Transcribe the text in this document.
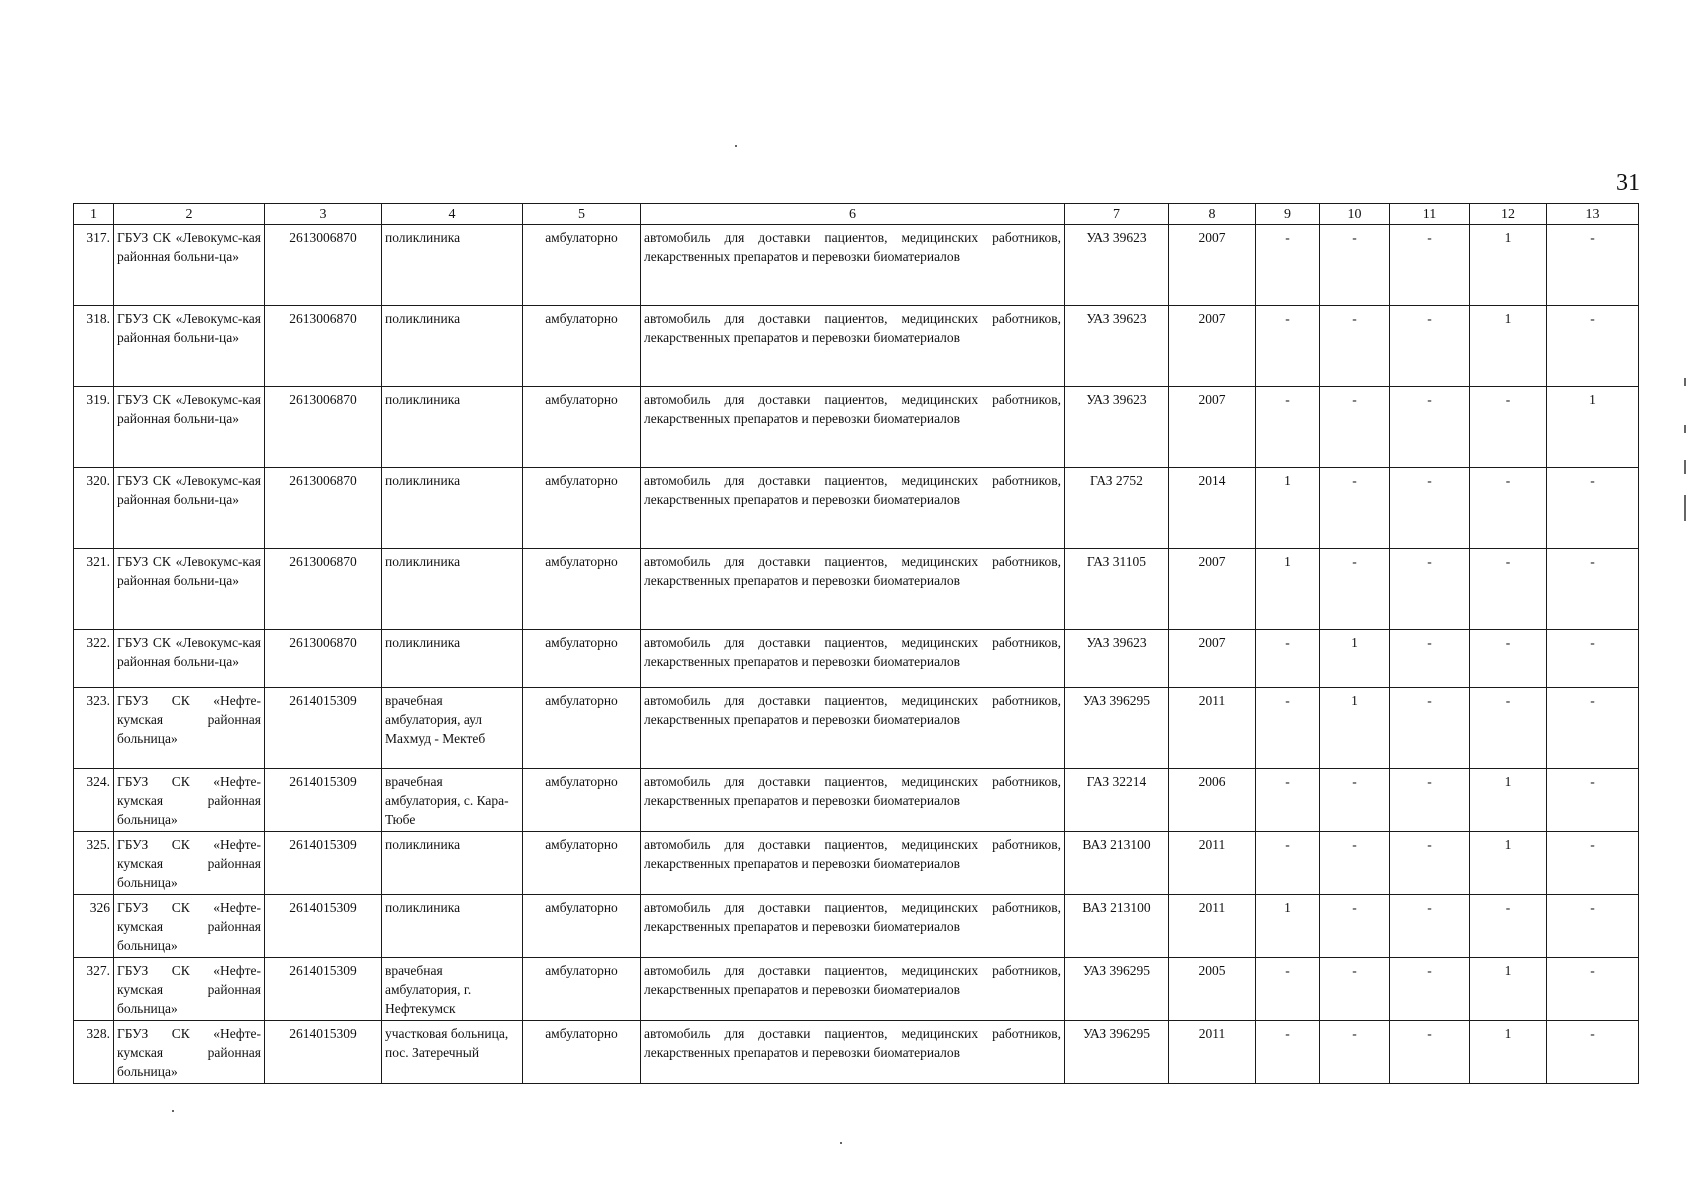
31
1	2	3	4	5	6	7	8	9	10	11	12	13
317.	ГБУЗ СК «Левокумс-кая районная больни-ца»	2613006870	поликлиника	амбулаторно	автомобиль для доставки пациентов, медицинских работников, лекарственных препаратов и перевозки биоматериалов	УАЗ 39623	2007	-	-	-	1	-
318.	ГБУЗ СК «Левокумс-кая районная больни-ца»	2613006870	поликлиника	амбулаторно	автомобиль для доставки пациентов, медицинских работников, лекарственных препаратов и перевозки биоматериалов	УАЗ 39623	2007	-	-	-	1	-
319.	ГБУЗ СК «Левокумс-кая районная больни-ца»	2613006870	поликлиника	амбулаторно	автомобиль для доставки пациентов, медицинских работников, лекарственных препаратов и перевозки биоматериалов	УАЗ 39623	2007	-	-	-	-	1
320.	ГБУЗ СК «Левокумс-кая районная больни-ца»	2613006870	поликлиника	амбулаторно	автомобиль для доставки пациентов, медицинских работников, лекарственных препаратов и перевозки биоматериалов	ГАЗ 2752	2014	1	-	-	-	-
321.	ГБУЗ СК «Левокумс-кая районная больни-ца»	2613006870	поликлиника	амбулаторно	автомобиль для доставки пациентов, медицинских работников, лекарственных препаратов и перевозки биоматериалов	ГАЗ 31105	2007	1	-	-	-	-
322.	ГБУЗ СК «Левокумс-кая районная больни-ца»	2613006870	поликлиника	амбулаторно	автомобиль для доставки пациентов, медицинских работников, лекарственных препаратов и перевозки биоматериалов	УАЗ 39623	2007	-	1	-	-	-
323.	ГБУЗ СК «Нефте-кумская районная больница»	2614015309	врачебная амбулатория, аул Махмуд - Мектеб	амбулаторно	автомобиль для доставки пациентов, медицинских работников, лекарственных препаратов и перевозки биоматериалов	УАЗ 396295	2011	-	1	-	-	-
324.	ГБУЗ СК «Нефте-кумская районная больница»	2614015309	врачебная амбулатория, с. Кара-Тюбе	амбулаторно	автомобиль для доставки пациентов, медицинских работников, лекарственных препаратов и перевозки биоматериалов	ГАЗ 32214	2006	-	-	-	1	-
325.	ГБУЗ СК «Нефте-кумская районная больница»	2614015309	поликлиника	амбулаторно	автомобиль для доставки пациентов, медицинских работников, лекарственных препаратов и перевозки биоматериалов	ВАЗ 213100	2011	-	-	-	1	-
326	ГБУЗ СК «Нефте-кумская районная больница»	2614015309	поликлиника	амбулаторно	автомобиль для доставки пациентов, медицинских работников, лекарственных препаратов и перевозки биоматериалов	ВАЗ 213100	2011	1	-	-	-	-
327.	ГБУЗ СК «Нефте-кумская районная больница»	2614015309	врачебная амбулатория, г. Нефтекумск	амбулаторно	автомобиль для доставки пациентов, медицинских работников, лекарственных препаратов и перевозки биоматериалов	УАЗ 396295	2005	-	-	-	1	-
328.	ГБУЗ СК «Нефте-кумская районная больница»	2614015309	участковая больница, пос. Затеречный	амбулаторно	автомобиль для доставки пациентов, медицинских работников, лекарственных препаратов и перевозки биоматериалов	УАЗ 396295	2011	-	-	-	1	-
